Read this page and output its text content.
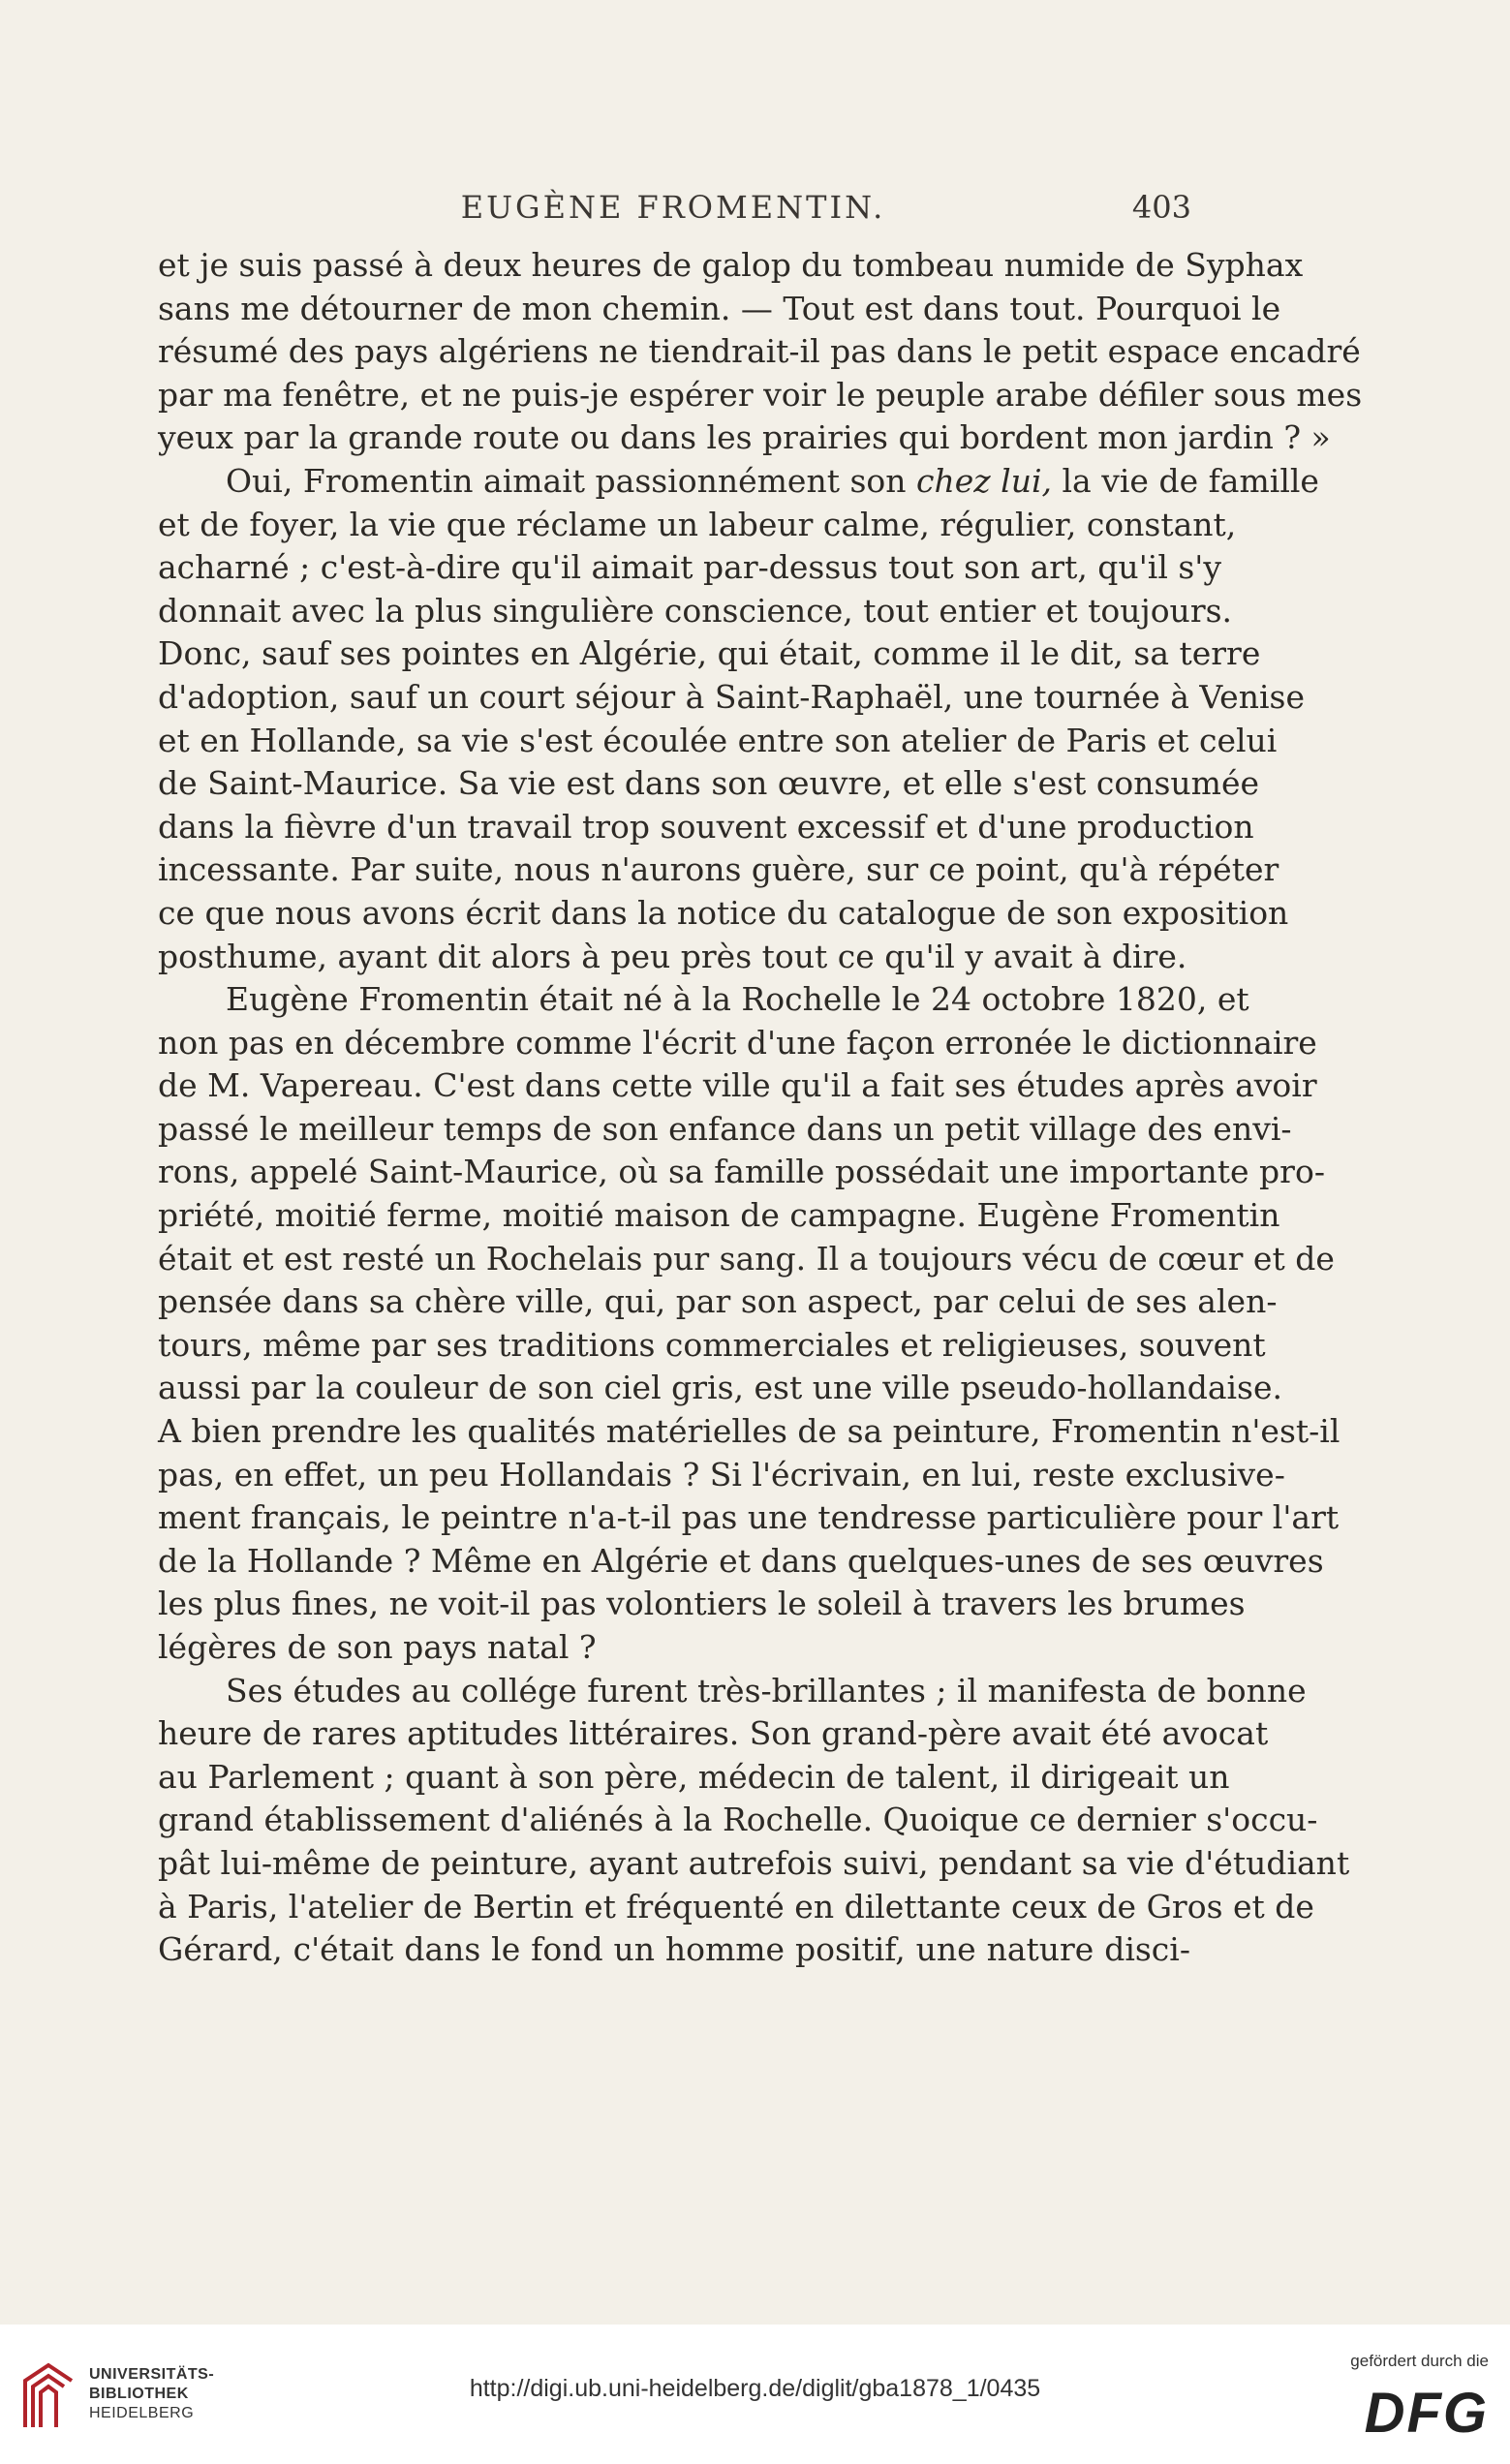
EUGÈNE FROMENTIN.	403
et je suis passé à deux heures de galop du tombeau numide de Syphax
sans me détourner de mon chemin. — Tout est dans tout. Pourquoi le
résumé des pays algériens ne tiendrait-il pas dans le petit espace encadré
par ma fenêtre, et ne puis-je espérer voir le peuple arabe défiler sous mes
yeux par la grande route ou dans les prairies qui bordent mon jardin ? »
Oui, Fromentin aimait passionnément son chez lui, la vie de famille
et de foyer, la vie que réclame un labeur calme, régulier, constant,
acharné ; c'est-à-dire qu'il aimait par-dessus tout son art, qu'il s'y
donnait avec la plus singulière conscience, tout entier et toujours.
Donc, sauf ses pointes en Algérie, qui était, comme il le dit, sa terre
d'adoption, sauf un court séjour à Saint-Raphaël, une tournée à Venise
et en Hollande, sa vie s'est écoulée entre son atelier de Paris et celui
de Saint-Maurice. Sa vie est dans son œuvre, et elle s'est consumée
dans la fièvre d'un travail trop souvent excessif et d'une production
incessante. Par suite, nous n'aurons guère, sur ce point, qu'à répéter
ce que nous avons écrit dans la notice du catalogue de son exposition
posthume, ayant dit alors à peu près tout ce qu'il y avait à dire.
Eugène Fromentin était né à la Rochelle le 24 octobre 1820, et
non pas en décembre comme l'écrit d'une façon erronée le dictionnaire
de M. Vapereau. C'est dans cette ville qu'il a fait ses études après avoir
passé le meilleur temps de son enfance dans un petit village des envi-
rons, appelé Saint-Maurice, où sa famille possédait une importante pro-
priété, moitié ferme, moitié maison de campagne. Eugène Fromentin
était et est resté un Rochelais pur sang. Il a toujours vécu de cœur et de
pensée dans sa chère ville, qui, par son aspect, par celui de ses alen-
tours, même par ses traditions commerciales et religieuses, souvent
aussi par la couleur de son ciel gris, est une ville pseudo-hollandaise.
A bien prendre les qualités matérielles de sa peinture, Fromentin n'est-il
pas, en effet, un peu Hollandais ? Si l'écrivain, en lui, reste exclusive-
ment français, le peintre n'a-t-il pas une tendresse particulière pour l'art
de la Hollande ? Même en Algérie et dans quelques-unes de ses œuvres
les plus fines, ne voit-il pas volontiers le soleil à travers les brumes
légères de son pays natal ?
Ses études au collége furent très-brillantes ; il manifesta de bonne
heure de rares aptitudes littéraires. Son grand-père avait été avocat
au Parlement ; quant à son père, médecin de talent, il dirigeait un
grand établissement d'aliénés à la Rochelle. Quoique ce dernier s'occu-
pât lui-même de peinture, ayant autrefois suivi, pendant sa vie d'étudiant
à Paris, l'atelier de Bertin et fréquenté en dilettante ceux de Gros et de
Gérard, c'était dans le fond un homme positif, une nature disci-
UNIVERSITÄTS-
BIBLIOTHEK
HEIDELBERG
http://digi.ub.uni-heidelberg.de/diglit/gba1878_1/0435
gefördert durch die
DFG
